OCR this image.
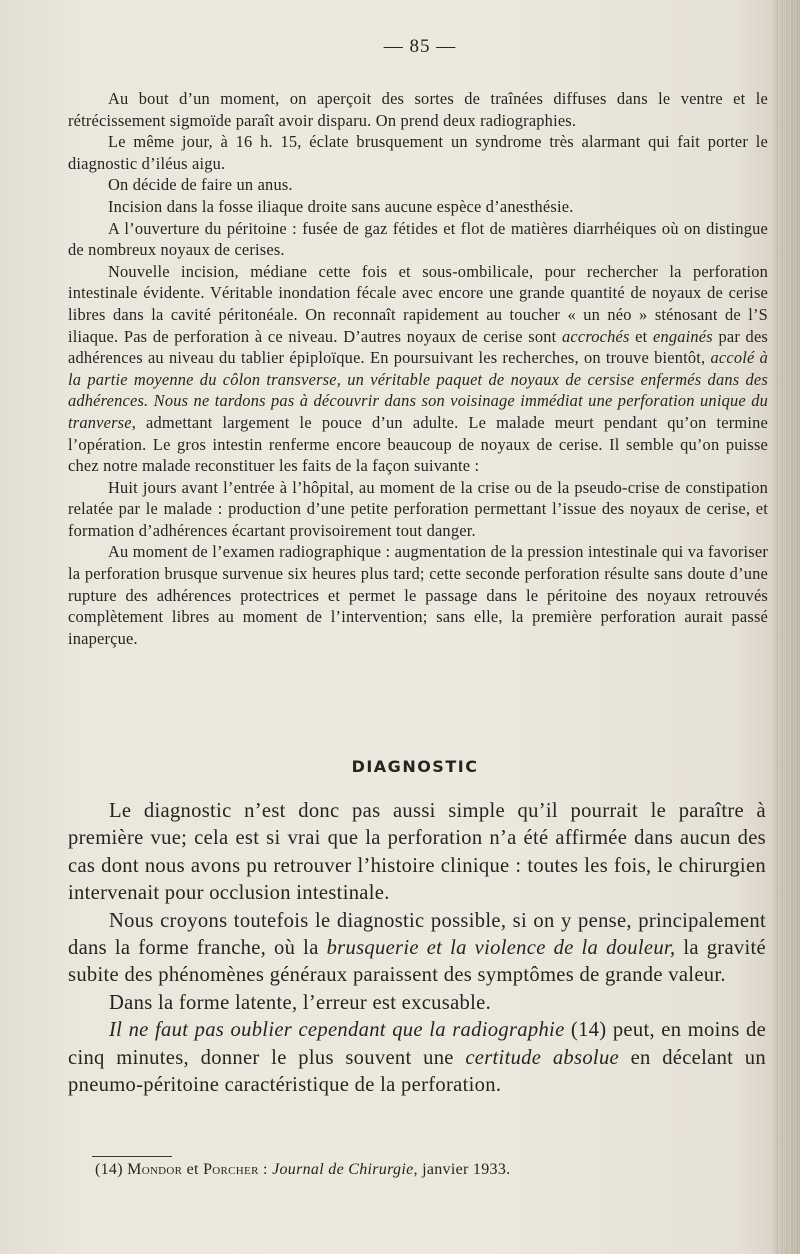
— 85 —

Au bout d’un moment, on aperçoit des sortes de traînées diffuses dans le ventre et le rétrécissement sigmoïde paraît avoir disparu. On prend deux radiographies.

Le même jour, à 16 h. 15, éclate brusquement un syndrome très alarmant qui fait porter le diagnostic d’iléus aigu.

On décide de faire un anus.

Incision dans la fosse iliaque droite sans aucune espèce d’anesthésie.

A l’ouverture du péritoine : fusée de gaz fétides et flot de matières diarrhéiques où on distingue de nombreux noyaux de cerises.

Nouvelle incision, médiane cette fois et sous-ombilicale, pour rechercher la perforation intestinale évidente. Véritable inondation fécale avec encore une grande quantité de noyaux de cerise libres dans la cavité péritonéale. On reconnaît rapidement au toucher « un néo » sténosant de l’S iliaque. Pas de perforation à ce niveau. D’autres noyaux de cerise sont accrochés et engainés par des adhérences au niveau du tablier épiploïque. En poursuivant les recherches, on trouve bientôt, accolé à la partie moyenne du côlon transverse, un véritable paquet de noyaux de cersise enfermés dans des adhérences. Nous ne tardons pas à découvrir dans son voisinage immédiat une perforation unique du tranverse, admettant largement le pouce d’un adulte. Le malade meurt pendant qu’on termine l’opération. Le gros intestin renferme encore beaucoup de noyaux de cerise. Il semble qu’on puisse chez notre malade reconstituer les faits de la façon suivante :

Huit jours avant l’entrée à l’hôpital, au moment de la crise ou de la pseudo-crise de constipation relatée par le malade : production d’une petite perforation permettant l’issue des noyaux de cerise, et formation d’adhérences écartant provisoirement tout danger.

Au moment de l’examen radiographique : augmentation de la pression intestinale qui va favoriser la perforation brusque survenue six heures plus tard; cette seconde perforation résulte sans doute d’une rupture des adhérences protectrices et permet le passage dans le péritoine des noyaux retrouvés complètement libres au moment de l’intervention; sans elle, la première perforation aurait passé inaperçue.

DIAGNOSTIC

Le diagnostic n’est donc pas aussi simple qu’il pourrait le paraître à première vue; cela est si vrai que la perforation n’a été affirmée dans aucun des cas dont nous avons pu retrouver l’histoire clinique : toutes les fois, le chirurgien intervenait pour occlusion intestinale.

Nous croyons toutefois le diagnostic possible, si on y pense, principalement dans la forme franche, où la brusquerie et la violence de la douleur, la gravité subite des phénomènes généraux paraissent des symptômes de grande valeur.

Dans la forme latente, l’erreur est excusable.

Il ne faut pas oublier cependant que la radiographie (14) peut, en moins de cinq minutes, donner le plus souvent une certitude absolue en décelant un pneumo-péritoine caractéristique de la perforation.

(14) Mondor et Porcher : Journal de Chirurgie, janvier 1933.
